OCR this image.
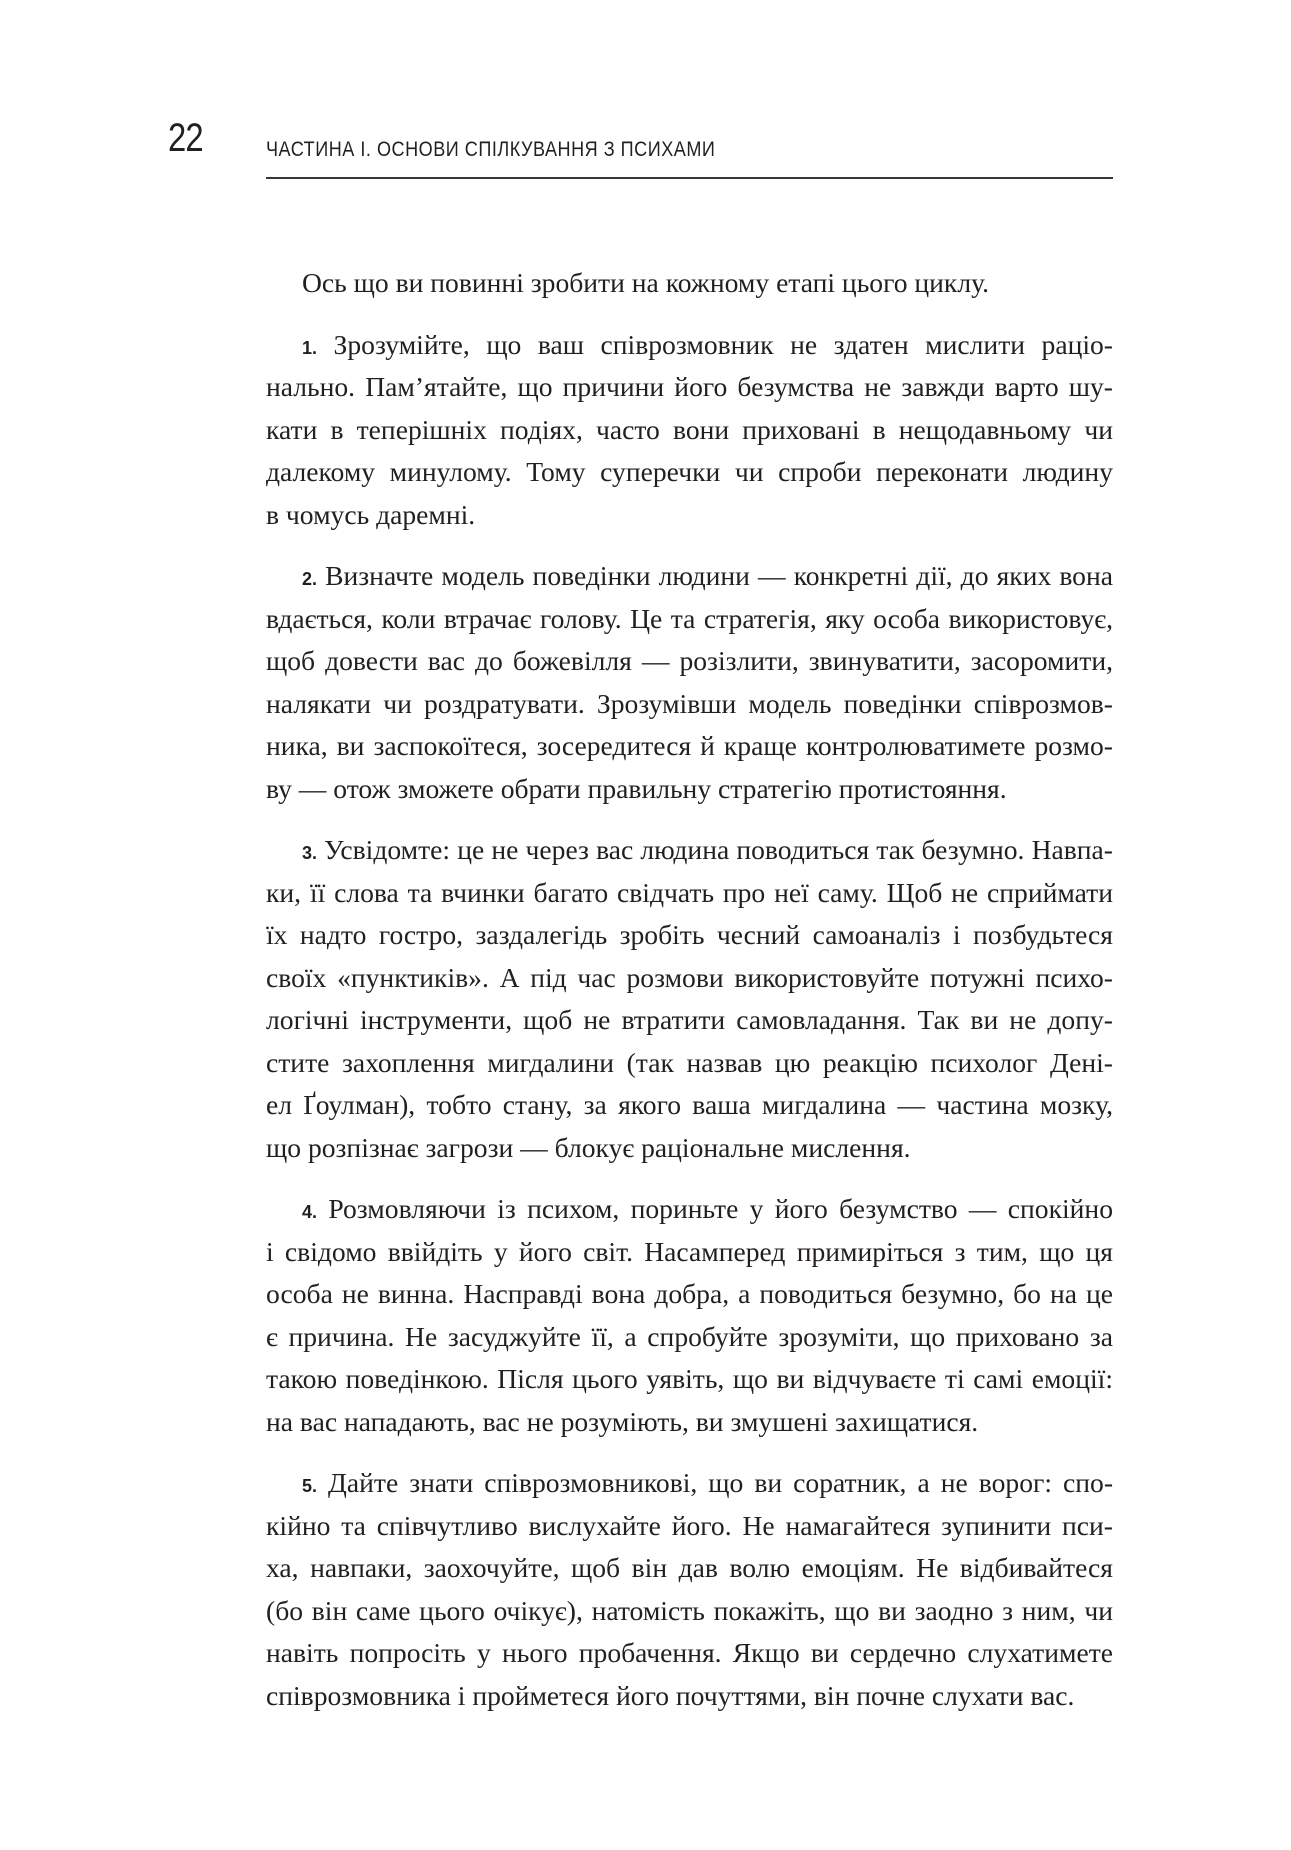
22	ЧАСТИНА І. ОСНОВИ СПІЛКУВАННЯ З ПСИХАМИ

Ось що ви повинні зробити на кожному етапі цього циклу.

1. Зрозумійте, що ваш співрозмовник не здатен мислити раціо-
нально. Пам’ятайте, що причини його безумства не завжди варто шу-
кати в теперішніх подіях, часто вони приховані в нещодавньому чи
далекому минулому. Тому суперечки чи спроби переконати людину
в чомусь даремні.
2. Визначте модель поведінки людини — конкретні дії, до яких вона
вдається, коли втрачає голову. Це та стратегія, яку особа використовує,
щоб довести вас до божевілля — розізлити, звинуватити, засоромити,
налякати чи роздратувати. Зрозумівши модель поведінки співрозмов-
ника, ви заспокоїтеся, зосередитеся й краще контролюватимете розмо-
ву — отож зможете обрати правильну стратегію протистояння.
3. Усвідомте: це не через вас людина поводиться так безумно. Навпа-
ки, її слова та вчинки багато свідчать про неї саму. Щоб не сприймати
їх надто гостро, заздалегідь зробіть чесний самоаналіз і позбудьтеся
своїх «пунктиків». А під час розмови використовуйте потужні психо-
логічні інструменти, щоб не втратити самовладання. Так ви не допу-
стите захоплення мигдалини (так назвав цю реакцію психолог Дені-
ел Ґоулман), тобто стану, за якого ваша мигдалина — частина мозку,
що розпізнає загрози — блокує раціональне мислення.
4. Розмовляючи із психом, пориньте у його безумство — спокійно
і свідомо ввійдіть у його світ. Насамперед примиріться з тим, що ця
особа не винна. Насправді вона добра, а поводиться безумно, бо на це
є причина. Не засуджуйте її, а спробуйте зрозуміти, що приховано за
такою поведінкою. Після цього уявіть, що ви відчуваєте ті самі емоції:
на вас нападають, вас не розуміють, ви змушені захищатися.
5. Дайте знати співрозмовникові, що ви соратник, а не ворог: спо-
кійно та співчутливо вислухайте його. Не намагайтеся зупинити пси-
ха, навпаки, заохочуйте, щоб він дав волю емоціям. Не відбивайтеся
(бо він саме цього очікує), натомість покажіть, що ви заодно з ним, чи
навіть попросіть у нього пробачення. Якщо ви сердечно слухатимете
співрозмовника і пройметеся його почуттями, він почне слухати вас.
